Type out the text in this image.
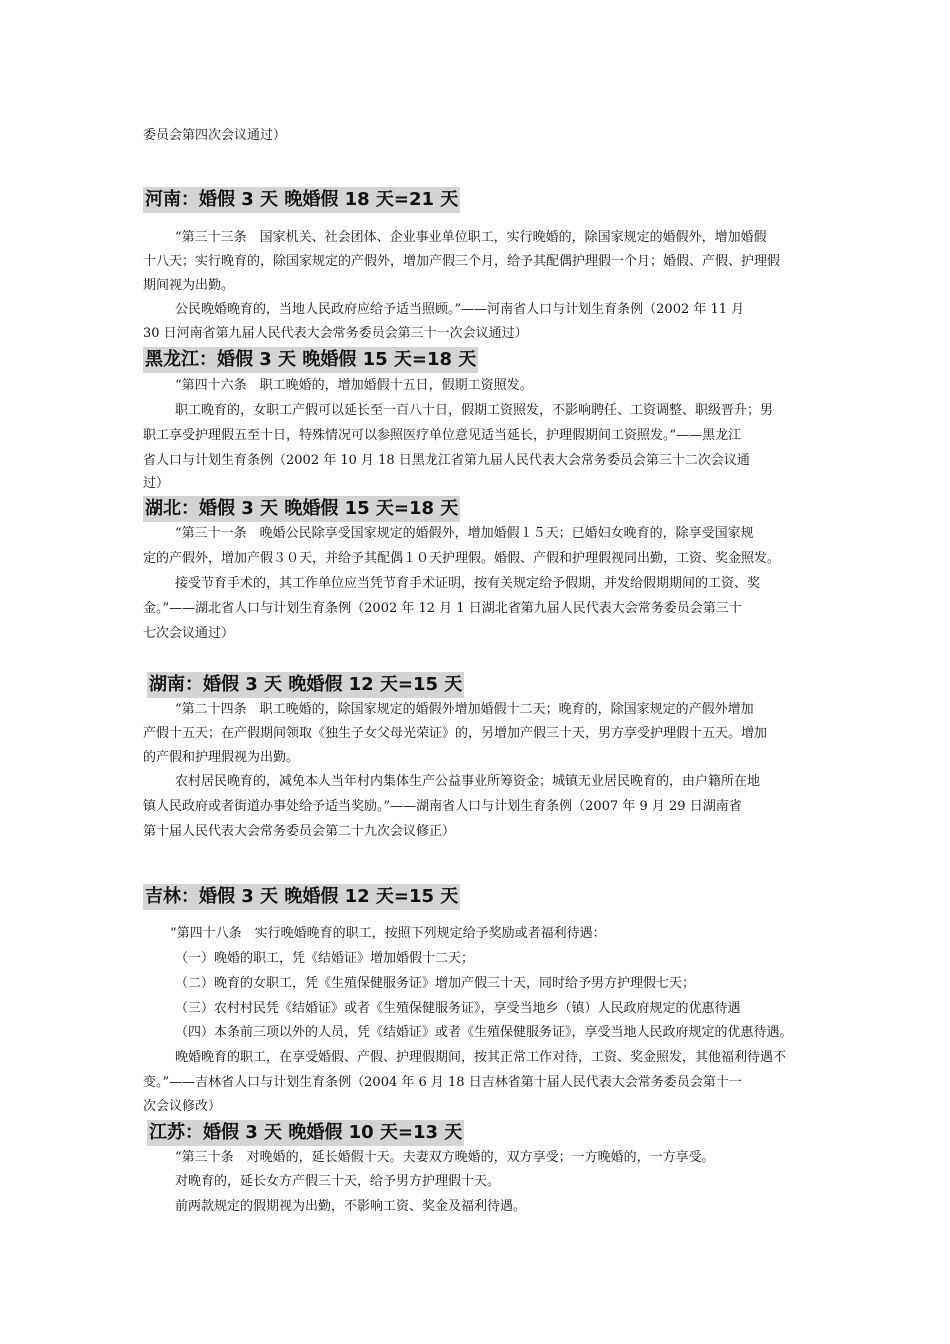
委员会第四次会议通过）
河南：婚假 3 天 晚婚假 18 天=21 天
“第三十三条　国家机关、社会团体、企业事业单位职工，实行晚婚的，除国家规定的婚假外，增加婚假
十八天；实行晚育的，除国家规定的产假外，增加产假三个月，给予其配偶护理假一个月；婚假、产假、护理假
期间视为出勤。
公民晚婚晚育的，当地人民政府应给予适当照顾。”——河南省人口与计划生育条例（2002 年 11 月
30 日河南省第九届人民代表大会常务委员会第三十一次会议通过）
黑龙江：婚假 3 天 晚婚假 15 天=18 天
“第四十六条　职工晚婚的，增加婚假十五日，假期工资照发。
职工晚育的，女职工产假可以延长至一百八十日，假期工资照发，不影响聘任、工资调整、职级晋升；男
职工享受护理假五至十日，特殊情况可以参照医疗单位意见适当延长，护理假期间工资照发。”——黑龙江
省人口与计划生育条例（2002 年 10 月 18 日黑龙江省第九届人民代表大会常务委员会第三十二次会议通
过）
湖北：婚假 3 天 晚婚假 15 天=18 天
“第三十一条　晚婚公民除享受国家规定的婚假外，增加婚假１５天；已婚妇女晚育的，除享受国家规
定的产假外，增加产假３０天，并给予其配偶１０天护理假。婚假、产假和护理假视同出勤，工资、奖金照发。
接受节育手术的，其工作单位应当凭节育手术证明，按有关规定给予假期，并发给假期期间的工资、奖
金。”——湖北省人口与计划生育条例（2002 年 12 月 1 日湖北省第九届人民代表大会常务委员会第三十
七次会议通过）
湖南：婚假 3 天 晚婚假 12 天=15 天
“第二十四条　职工晚婚的，除国家规定的婚假外增加婚假十二天；晚育的，除国家规定的产假外增加
产假十五天；在产假期间领取《独生子女父母光荣证》的，另增加产假三十天，男方享受护理假十五天。增加
的产假和护理假视为出勤。
农村居民晚育的，减免本人当年村内集体生产公益事业所筹资金；城镇无业居民晚育的，由户籍所在地
镇人民政府或者街道办事处给予适当奖励。”——湖南省人口与计划生育条例（2007 年 9 月 29 日湖南省
第十届人民代表大会常务委员会第二十九次会议修正）
吉林：婚假 3 天 晚婚假 12 天=15 天
“第四十八条　实行晚婚晚育的职工，按照下列规定给予奖励或者福利待遇：
（一）晚婚的职工，凭《结婚证》增加婚假十二天；
（二）晚育的女职工，凭《生殖保健服务证》增加产假三十天，同时给予男方护理假七天；
（三）农村村民凭《结婚证》或者《生殖保健服务证》，享受当地乡（镇）人民政府规定的优惠待遇
（四）本条前三项以外的人员，凭《结婚证》或者《生殖保健服务证》，享受当地人民政府规定的优惠待遇。
晚婚晚育的职工，在享受婚假、产假、护理假期间，按其正常工作对待，工资、奖金照发，其他福利待遇不
变。”——吉林省人口与计划生育条例（2004 年 6 月 18 日吉林省第十届人民代表大会常务委员会第十一
次会议修改）
江苏：婚假 3 天 晚婚假 10 天=13 天
“第三十条　对晚婚的，延长婚假十天。夫妻双方晚婚的，双方享受；一方晚婚的，一方享受。
对晚育的，延长女方产假三十天，给予男方护理假十天。
前两款规定的假期视为出勤，不影响工资、奖金及福利待遇。
